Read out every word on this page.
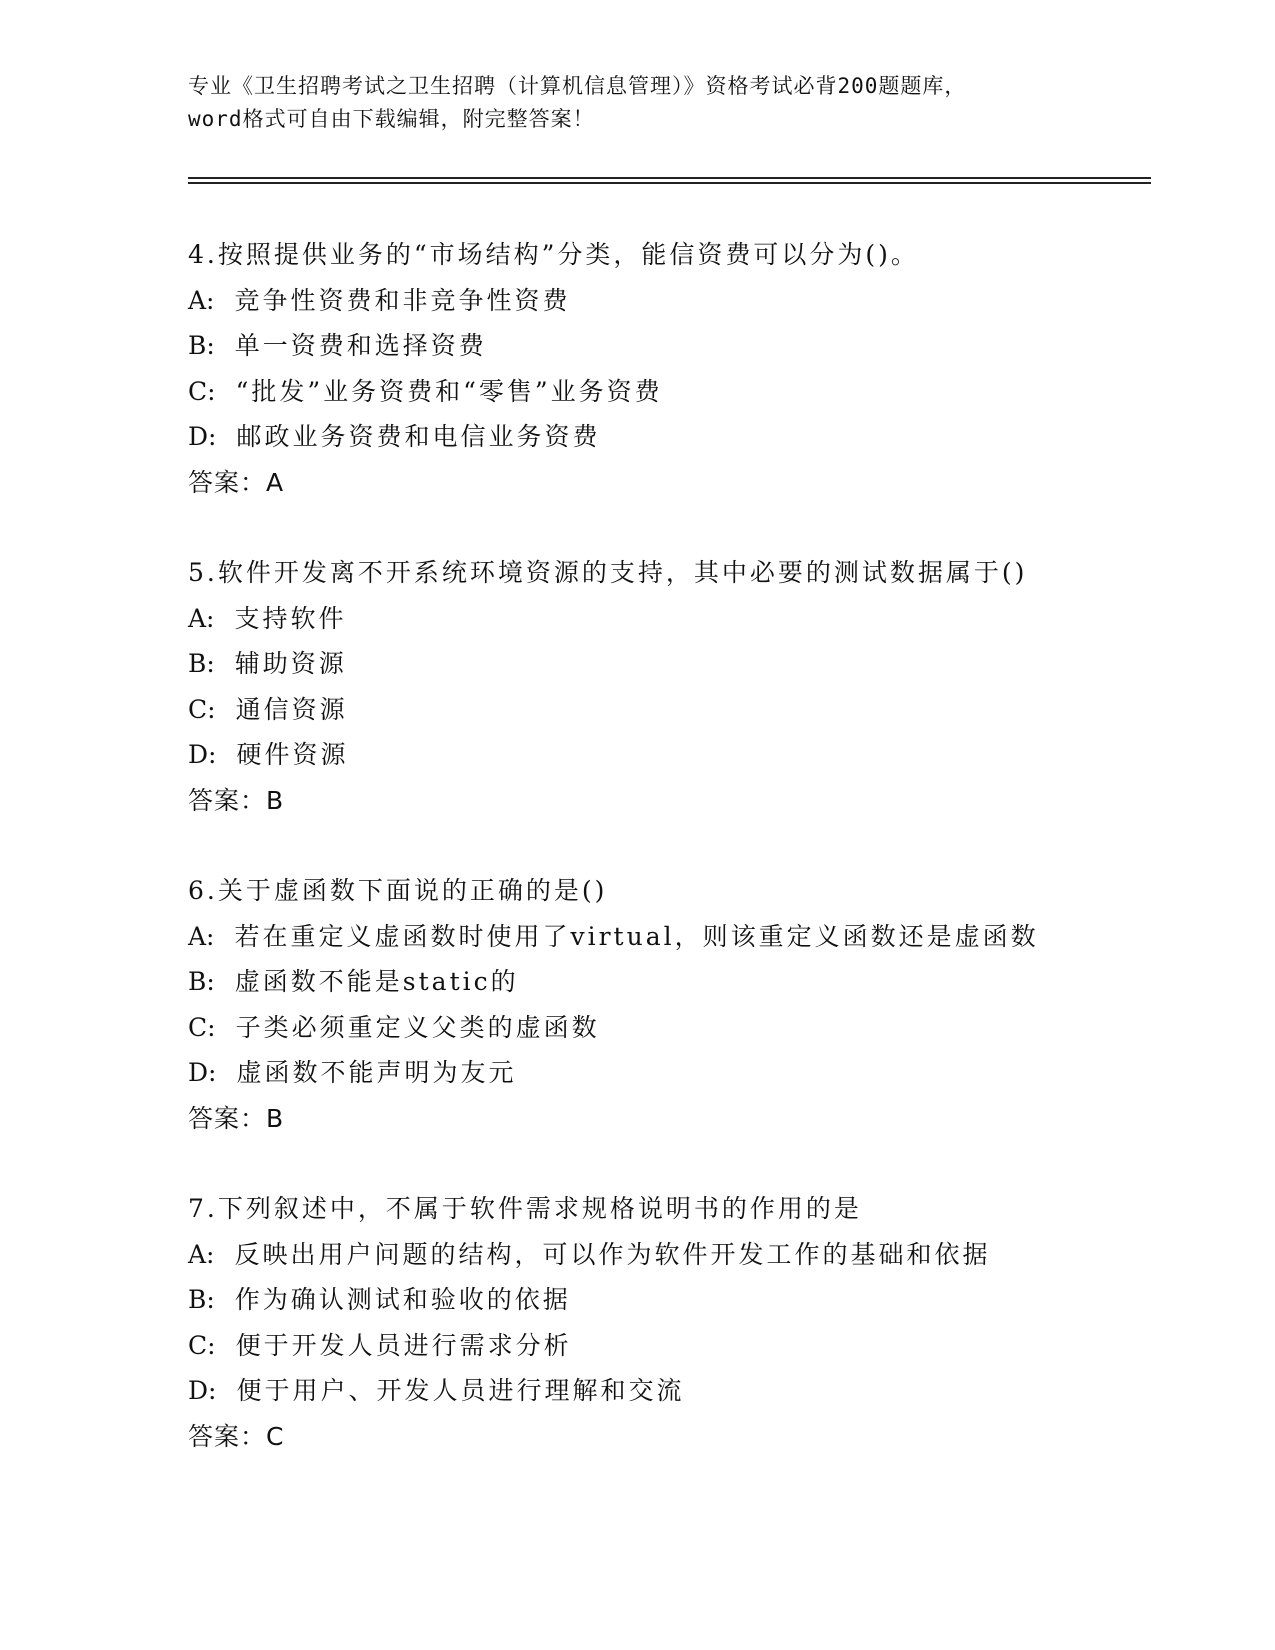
专业《卫生招聘考试之卫生招聘（计算机信息管理）》资格考试必背200题题库，
word格式可自由下载编辑，附完整答案！
4.按照提供业务的“市场结构”分类，能信资费可以分为()。
A: 竞争性资费和非竞争性资费
B: 单一资费和选择资费
C: “批发”业务资费和“零售”业务资费
D: 邮政业务资费和电信业务资费
答案：A
5.软件开发离不开系统环境资源的支持，其中必要的测试数据属于()
A: 支持软件
B: 辅助资源
C: 通信资源
D: 硬件资源
答案：B
6.关于虚函数下面说的正确的是()
A: 若在重定义虚函数时使用了virtual，则该重定义函数还是虚函数
B: 虚函数不能是static的
C: 子类必须重定义父类的虚函数
D: 虚函数不能声明为友元
答案：B
7.下列叙述中，不属于软件需求规格说明书的作用的是
A: 反映出用户问题的结构，可以作为软件开发工作的基础和依据
B: 作为确认测试和验收的依据
C: 便于开发人员进行需求分析
D: 便于用户、开发人员进行理解和交流
答案：C
